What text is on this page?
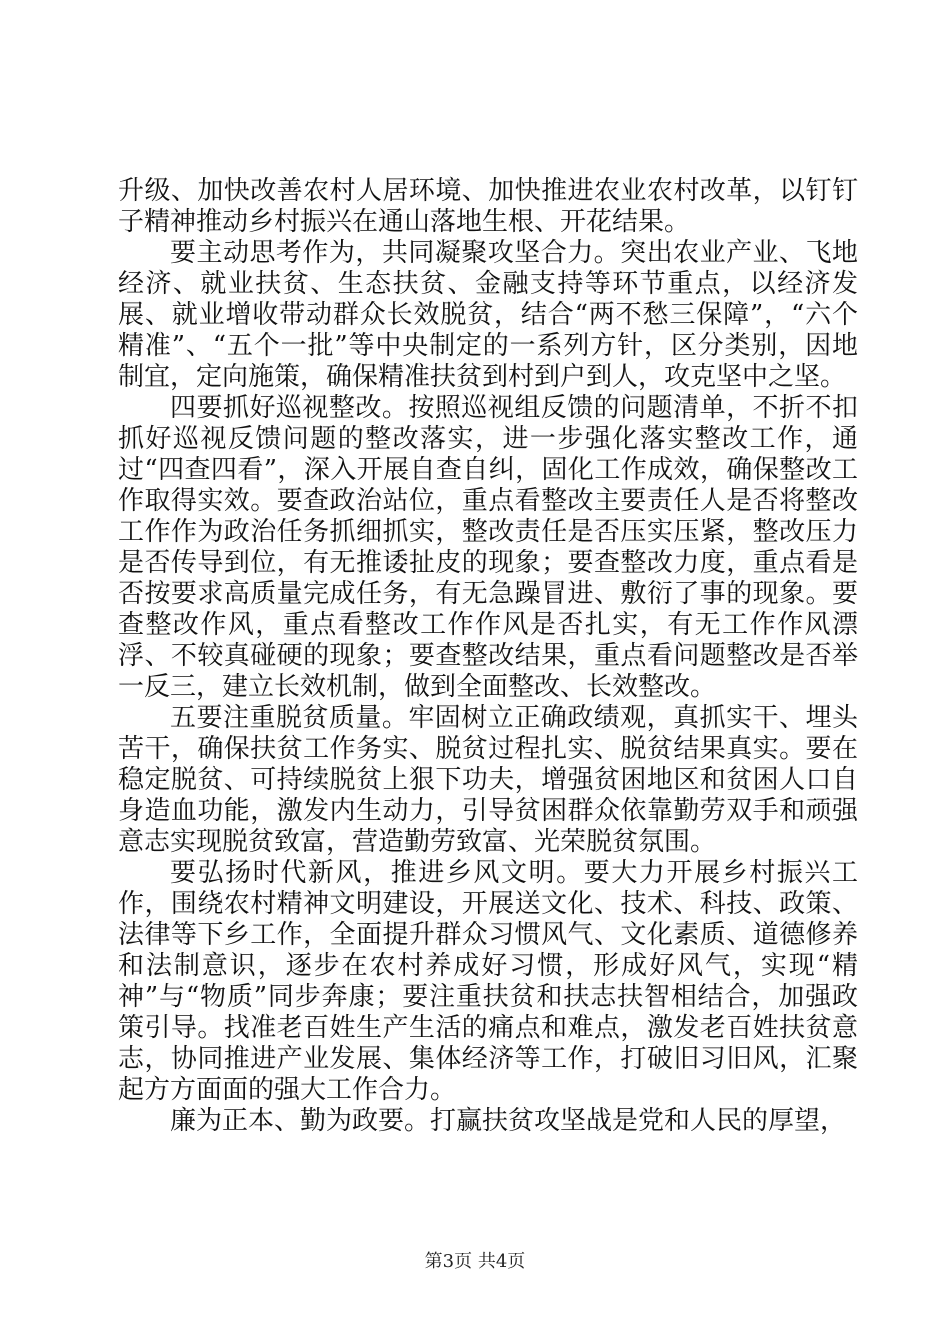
升级、加快改善农村人居环境、加快推进农业农村改革，以钉钉子精神推动乡村振兴在通山落地生根、开花结果。

要主动思考作为，共同凝聚攻坚合力。突出农业产业、飞地经济、就业扶贫、生态扶贫、金融支持等环节重点，以经济发展、就业增收带动群众长效脱贫，结合“两不愁三保障”，“六个精准”、“五个一批”等中央制定的一系列方针，区分类别，因地制宜，定向施策，确保精准扶贫到村到户到人，攻克坚中之坚。

四要抓好巡视整改。按照巡视组反馈的问题清单，不折不扣抓好巡视反馈问题的整改落实，进一步强化落实整改工作，通过“四查四看”，深入开展自查自纠，固化工作成效，确保整改工作取得实效。要查政治站位，重点看整改主要责任人是否将整改工作作为政治任务抓细抓实，整改责任是否压实压紧，整改压力是否传导到位，有无推诿扯皮的现象；要查整改力度，重点看是否按要求高质量完成任务，有无急躁冒进、敷衍了事的现象。要查整改作风，重点看整改工作作风是否扎实，有无工作作风漂浮、不较真碰硬的现象；要查整改结果，重点看问题整改是否举一反三，建立长效机制，做到全面整改、长效整改。

五要注重脱贫质量。牢固树立正确政绩观，真抓实干、埋头苦干，确保扶贫工作务实、脱贫过程扎实、脱贫结果真实。要在稳定脱贫、可持续脱贫上狠下功夫，增强贫困地区和贫困人口自身造血功能，激发内生动力，引导贫困群众依靠勤劳双手和顽强意志实现脱贫致富，营造勤劳致富、光荣脱贫氛围。

要弘扬时代新风，推进乡风文明。要大力开展乡村振兴工作，围绕农村精神文明建设，开展送文化、技术、科技、政策、法律等下乡工作，全面提升群众习惯风气、文化素质、道德修养和法制意识，逐步在农村养成好习惯，形成好风气，实现“精神”与“物质”同步奔康；要注重扶贫和扶志扶智相结合，加强政策引导。找准老百姓生产生活的痛点和难点，激发老百姓扶贫意志，协同推进产业发展、集体经济等工作，打破旧习旧风，汇聚起方方面面的强大工作合力。

廉为正本、勤为政要。打赢扶贫攻坚战是党和人民的厚望，

第3页 共4页
